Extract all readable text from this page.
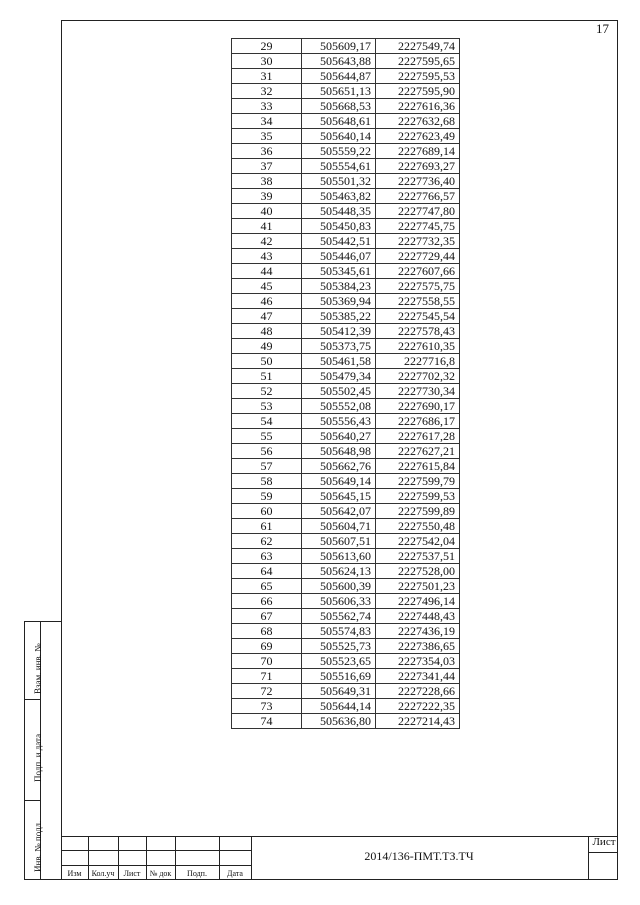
17
Взам. инв. №
Подп. и дата
Инв. № подл.
29	505609,17	2227549,74
30	505643,88	2227595,65
31	505644,87	2227595,53
32	505651,13	2227595,90
33	505668,53	2227616,36
34	505648,61	2227632,68
35	505640,14	2227623,49
36	505559,22	2227689,14
37	505554,61	2227693,27
38	505501,32	2227736,40
39	505463,82	2227766,57
40	505448,35	2227747,80
41	505450,83	2227745,75
42	505442,51	2227732,35
43	505446,07	2227729,44
44	505345,61	2227607,66
45	505384,23	2227575,75
46	505369,94	2227558,55
47	505385,22	2227545,54
48	505412,39	2227578,43
49	505373,75	2227610,35
50	505461,58	2227716,8
51	505479,34	2227702,32
52	505502,45	2227730,34
53	505552,08	2227690,17
54	505556,43	2227686,17
55	505640,27	2227617,28
56	505648,98	2227627,21
57	505662,76	2227615,84
58	505649,14	2227599,79
59	505645,15	2227599,53
60	505642,07	2227599,89
61	505604,71	2227550,48
62	505607,51	2227542,04
63	505613,60	2227537,51
64	505624,13	2227528,00
65	505600,39	2227501,23
66	505606,33	2227496,14
67	505562,74	2227448,43
68	505574,83	2227436,19
69	505525,73	2227386,65
70	505523,65	2227354,03
71	505516,69	2227341,44
72	505649,31	2227228,66
73	505644,14	2227222,35
74	505636,80	2227214,43
Изм	Кол.уч	Лист	№ док	Подп.	Дата
2014/136-ПМТ.ТЗ.ТЧ
Лист
